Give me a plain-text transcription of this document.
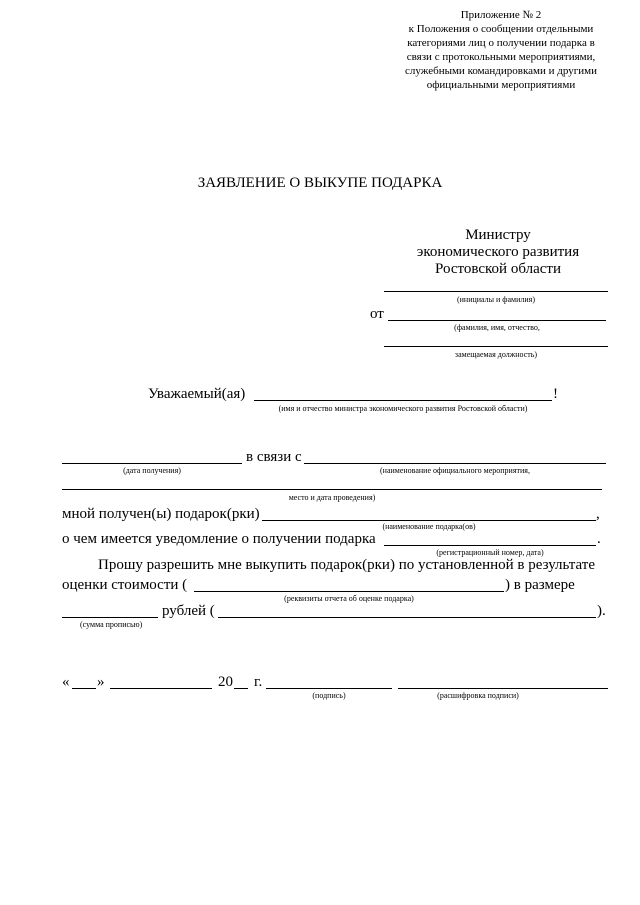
Приложение № 2
к Положения о сообщении отдельными
категориями лиц о получении подарка в
связи с протокольными мероприятиями,
служебными командировками и другими
официальными мероприятиями
ЗАЯВЛЕНИЕ О ВЫКУПЕ ПОДАРКА
Министру
экономического развития
Ростовской области
(инициалы и фамилия)
от
(фамилия, имя, отчество,
замещаемая должность)
Уважаемый(ая)	!
(имя и отчество министра экономического развития Ростовской области)
в связи с
(дата получения)	(наименование официального мероприятия,
место и дата проведения)
мной получен(ы) подарок(рки)	,
(наименование подарка(ов)
о чем имеется уведомление о получении подарка	.
(регистрационный номер, дата)
Прошу разрешить мне выкупить подарок(рки) по установленной в результате
оценки стоимости (	) в размере
(реквизиты отчета об оценке подарка)
рублей (	).
(сумма прописью)
« »	20 г.
(подпись)	(расшифровка подписи)
